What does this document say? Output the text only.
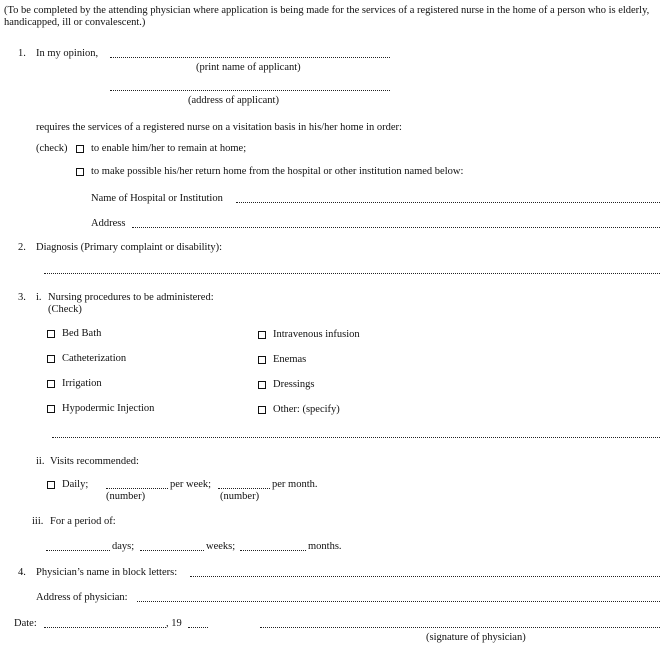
(To be completed by the attending physician where application is being made for the services of a registered nurse in the home of a person who is elderly, handicapped, ill or convalescent.)
1. In my opinion,
(print name of applicant)
(address of applicant)
requires the services of a registered nurse on a visitation basis in his/her home in order:
(check) to enable him/her to remain at home;
to make possible his/her return home from the hospital or other institution named below:
Name of Hospital or Institution
Address
2. Diagnosis (Primary complaint or disability):
3. i. Nursing procedures to be administered:
(Check)
Bed Bath
Catheterization
Irrigation
Hypodermic Injection
Intravenous infusion
Enemas
Dressings
Other: (specify)
ii. Visits recommended:
Daily;	per week;	per month.
(number)	(number)
iii. For a period of:
days;	weeks;	months.
4. Physician’s name in block letters:
Address of physician:
Date:	, 19
(signature of physician)
